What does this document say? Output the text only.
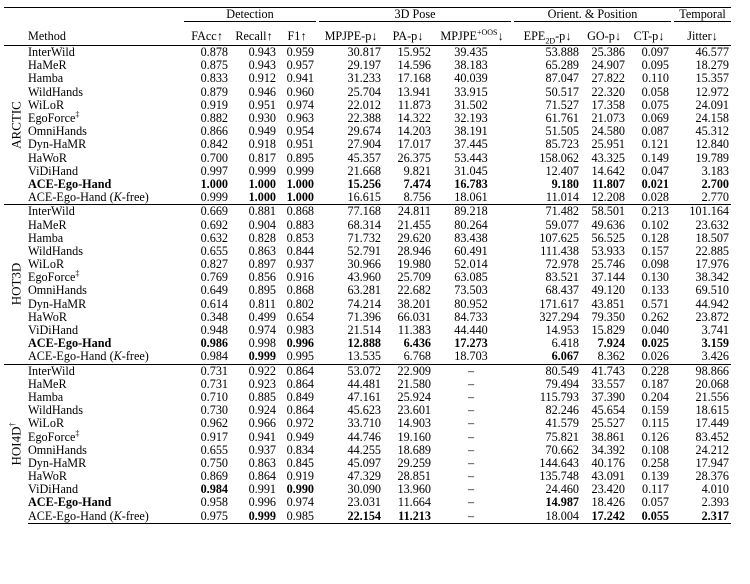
		Detection				3D Pose				Orient. & Position				Temporal
	Method	FAcc↑	Recall↑	F1↑		MPJPE-p↓	PA-p↓	$MPJPE^{+OOS}↓$		$EPE_{2D}-p↓$	GO-p↓	CT-p↓		Jitter↓

ARCTIC	InterWild	0.878	0.943	0.959		30.817	15.952	39.435		53.888	25.386	0.097		46.577
	HaMeR	0.875	0.943	0.957		29.197	14.596	38.183		65.289	24.907	0.095		18.279
	Hamba	0.833	0.912	0.941		31.233	17.168	40.039		87.047	27.822	0.110		15.357
	WildHands	0.879	0.946	0.960		25.704	13.941	33.915		50.517	22.320	0.058		12.972
	WiLoR	0.919	0.951	0.974		22.012	11.873	31.502		71.527	17.358	0.075		24.091
	EgoForce‡	0.882	0.930	0.963		22.388	14.322	32.193		61.761	21.073	0.069		24.158
	OmniHands	0.866	0.949	0.954		29.674	14.203	38.191		51.505	24.580	0.087		45.312
	Dyn-HaMR	0.842	0.918	0.951		27.904	17.017	37.445		85.723	25.951	0.121		12.840
	HaWoR	0.700	0.817	0.895		45.357	26.375	53.443		158.062	43.325	0.149		19.789
	ViDiHand	0.997	0.999	0.999		21.668	9.821	31.045		12.407	14.642	0.047		3.183
	ACE-Ego-Hand	1.000	1.000	1.000		15.256	7.474	16.783		9.180	11.807	0.021		2.700
	ACE-Ego-Hand (K-free)	0.999	1.000	1.000		16.615	8.756	18.061		11.014	12.208	0.028		2.770

HOT3D	InterWild	0.669	0.881	0.868		77.168	24.811	89.218		71.482	58.501	0.213		101.164
	HaMeR	0.692	0.904	0.883		68.314	21.455	80.264		59.077	49.636	0.102		23.632
	Hamba	0.632	0.828	0.853		71.732	29.620	83.438		107.625	56.525	0.128		18.507
	WildHands	0.655	0.863	0.844		52.791	28.946	60.491		111.438	53.933	0.157		22.885
	WiLoR	0.827	0.897	0.937		30.966	19.980	52.014		72.978	25.746	0.098		17.976
	EgoForce‡	0.769	0.856	0.916		43.960	25.709	63.085		83.521	37.144	0.130		38.342
	OmniHands	0.649	0.895	0.868		63.281	22.682	73.503		68.437	49.120	0.133		69.510
	Dyn-HaMR	0.614	0.811	0.802		74.214	38.201	80.952		171.617	43.851	0.571		44.942
	HaWoR	0.348	0.499	0.654		71.396	66.031	84.733		327.294	79.350	0.262		23.872
	ViDiHand	0.948	0.974	0.983		21.514	11.383	44.440		14.953	15.829	0.040		3.741
	ACE-Ego-Hand	0.986	0.998	0.996		12.888	6.436	17.273		6.418	7.924	0.025		3.159
	ACE-Ego-Hand (K-free)	0.984	0.999	0.995		13.535	6.768	18.703		6.067	8.362	0.026		3.426

HOI4D†	InterWild	0.731	0.922	0.864		53.072	22.909	–		80.549	41.743	0.228		98.866
	HaMeR	0.731	0.923	0.864		44.481	21.580	–		79.494	33.557	0.187		20.068
	Hamba	0.710	0.885	0.849		47.161	25.924	–		115.793	37.390	0.204		21.556
	WildHands	0.730	0.924	0.864		45.623	23.601	–		82.246	45.654	0.159		18.615
	WiLoR	0.962	0.966	0.972		33.710	14.903	–		41.579	25.527	0.115		17.449
	EgoForce‡	0.917	0.941	0.949		44.746	19.160	–		75.821	38.861	0.126		83.452
	OmniHands	0.655	0.937	0.834		44.255	18.689	–		70.662	34.392	0.108		24.212
	Dyn-HaMR	0.750	0.863	0.845		45.097	29.259	–		144.643	40.176	0.258		17.947
	HaWoR	0.869	0.864	0.919		47.329	28.851	–		135.748	43.091	0.139		28.376
	ViDiHand	0.984	0.991	0.990		30.090	13.960	–		24.460	23.420	0.117		4.010
	ACE-Ego-Hand	0.958	0.996	0.974		23.031	11.664	–		14.987	18.426	0.057		2.393
	ACE-Ego-Hand (K-free)	0.975	0.999	0.985		22.154	11.213	–		18.004	17.242	0.055		2.317
